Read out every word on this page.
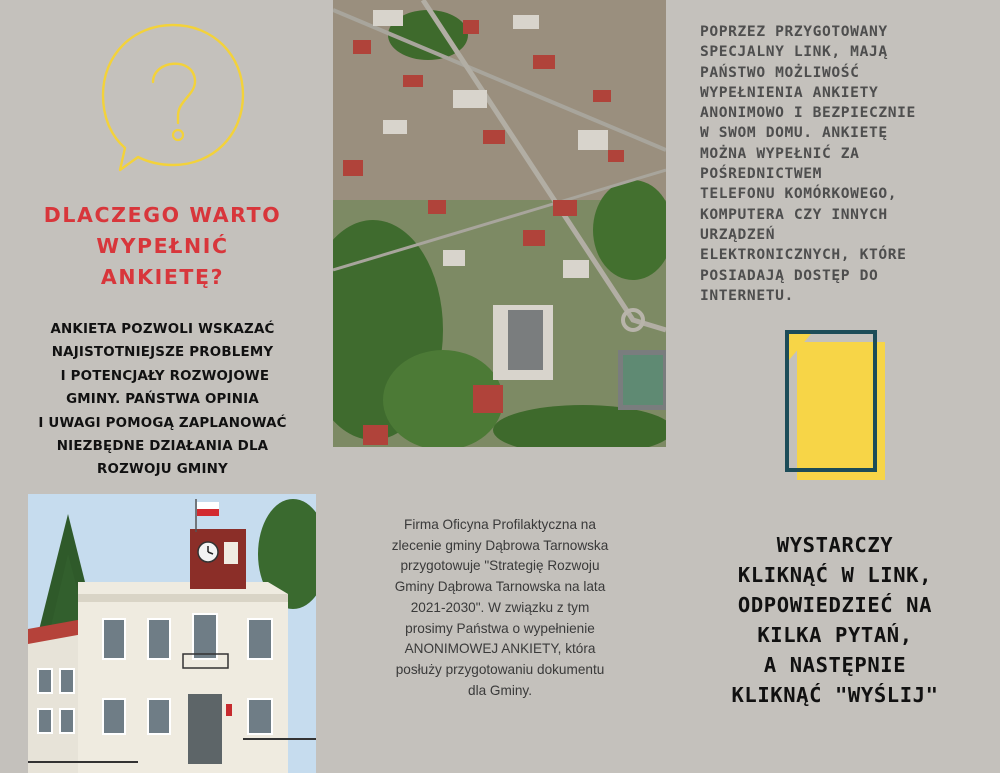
DLACZEGO WARTO
WYPEŁNIĆ
ANKIETĘ?
ANKIETA POZWOLI WSKAZAĆ
NAJISTOTNIEJSZE PROBLEMY
I POTENCJAŁY ROZWOJOWE
GMINY. PAŃSTWA OPINIA
I UWAGI POMOGĄ ZAPLANOWAĆ
NIEZBĘDNE DZIAŁANIA DLA
ROZWOJU GMINY
POPRZEZ PRZYGOTOWANY
SPECJALNY LINK, MAJĄ
PAŃSTWO MOŻLIWOŚĆ
WYPEŁNIENIA ANKIETY
ANONIMOWO I BEZPIECZNIE
W SWOM DOMU. ANKIETĘ
MOŻNA WYPEŁNIĆ ZA
POŚREDNICTWEM
TELEFONU KOMÓRKOWEGO,
KOMPUTERA CZY INNYCH
URZĄDZEŃ
ELEKTRONICZNYCH, KTÓRE
POSIADAJĄ DOSTĘP DO
INTERNETU.
Firma Oficyna Profilaktyczna na
zlecenie gminy Dąbrowa Tarnowska
przygotowuje "Strategię Rozwoju
Gminy Dąbrowa Tarnowska na lata
2021-2030". W związku z tym
prosimy Państwa o wypełnienie
ANONIMOWEJ ANKIETY, która
posłuży przygotowaniu dokumentu
dla Gminy.
WYSTARCZY
KLIKNĄĆ W LINK,
ODPOWIEDZIEĆ NA
KILKA PYTAŃ,
A NASTĘPNIE
KLIKNĄĆ "WYŚLIJ"
